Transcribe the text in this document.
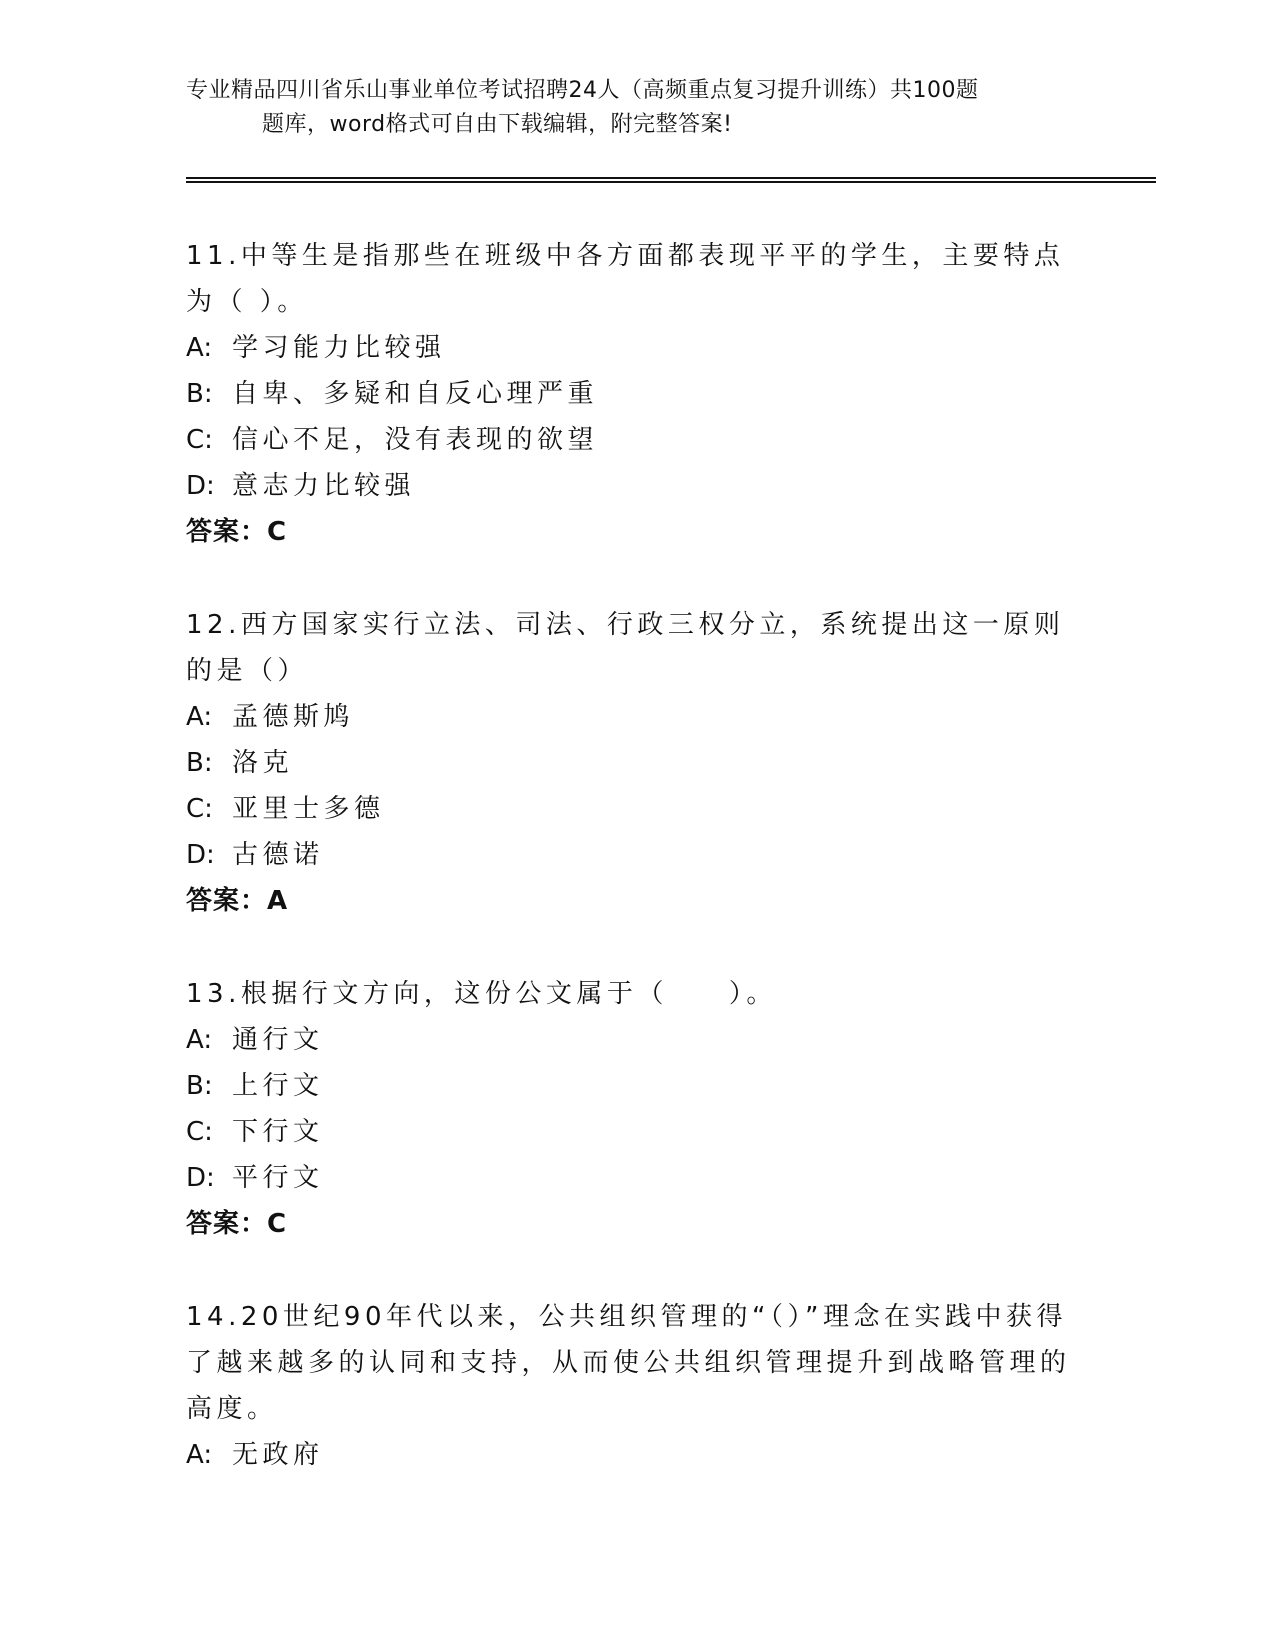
专业精品四川省乐山事业单位考试招聘24人（高频重点复习提升训练）共100题
题库，word格式可自由下载编辑，附完整答案!

11.中等生是指那些在班级中各方面都表现平平的学生，主要特点为（ ）。

A: 学习能力比较强

B: 自卑、多疑和自反心理严重

C: 信心不足，没有表现的欲望

D: 意志力比较强

答案：C

12.西方国家实行立法、司法、行政三权分立，系统提出这一原则的是（）

A: 孟德斯鸠

B: 洛克

C: 亚里士多德

D: 古德诺

答案：A

13.根据行文方向，这份公文属于（　　）。

A: 通行文

B: 上行文

C: 下行文

D: 平行文

答案：C

14.20世纪90年代以来，公共组织管理的“（）”理念在实践中获得了越来越多的认同和支持，从而使公共组织管理提升到战略管理的高度。

A: 无政府
